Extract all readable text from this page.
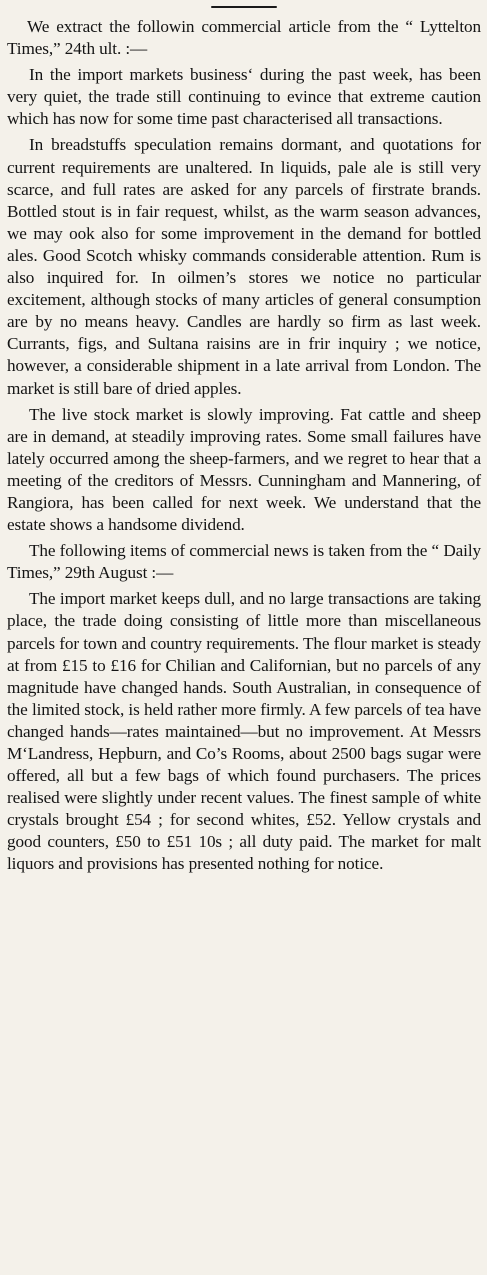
We extract the followin commercial article from the “ Lyttelton Times,” 24th ult. :—

In the import markets business‘ during the past week, has been very quiet, the trade still continuing to evince that extreme caution which has now for some time past characterised all transactions.

In breadstuffs speculation remains dormant, and quotations for current requirements are unaltered. In liquids, pale ale is still very scarce, and full rates are asked for any parcels of firstrate brands. Bottled stout is in fair request, whilst, as the warm season advances, we may ook also for some improvement in the demand for bottled ales. Good Scotch whisky commands considerable attention. Rum is also inquired for. In oilmen’s stores we notice no particular excitement, although stocks of many articles of general consumption are by no means heavy. Candles are hardly so firm as last week. Currants, figs, and Sultana raisins are in frir inquiry ; we notice, however, a considerable shipment in a late arrival from London. The market is still bare of dried apples.

The live stock market is slowly improving. Fat cattle and sheep are in demand, at steadily improving rates. Some small failures have lately occurred among the sheep-farmers, and we regret to hear that a meeting of the creditors of Messrs. Cunningham and Mannering, of Rangiora, has been called for next week. We understand that the estate shows a handsome dividend.

The following items of commercial news is taken from the “ Daily Times,” 29th August :—

The import market keeps dull, and no large transactions are taking place, the trade doing consisting of little more than miscellaneous parcels for town and country requirements. The flour market is steady at from £15 to £16 for Chilian and Californian, but no parcels of any magnitude have changed hands. South Australian, in consequence of the limited stock, is held rather more firmly. A few parcels of tea have changed hands—rates maintained—but no improvement. At Messrs M‘Landress, Hepburn, and Co’s Rooms, about 2500 bags sugar were offered, all but a few bags of which found purchasers. The prices realised were slightly under recent values. The finest sample of white crystals brought £54 ; for second whites, £52. Yellow crystals and good counters, £50 to £51 10s ; all duty paid. The market for malt liquors and provisions has presented nothing for notice.
